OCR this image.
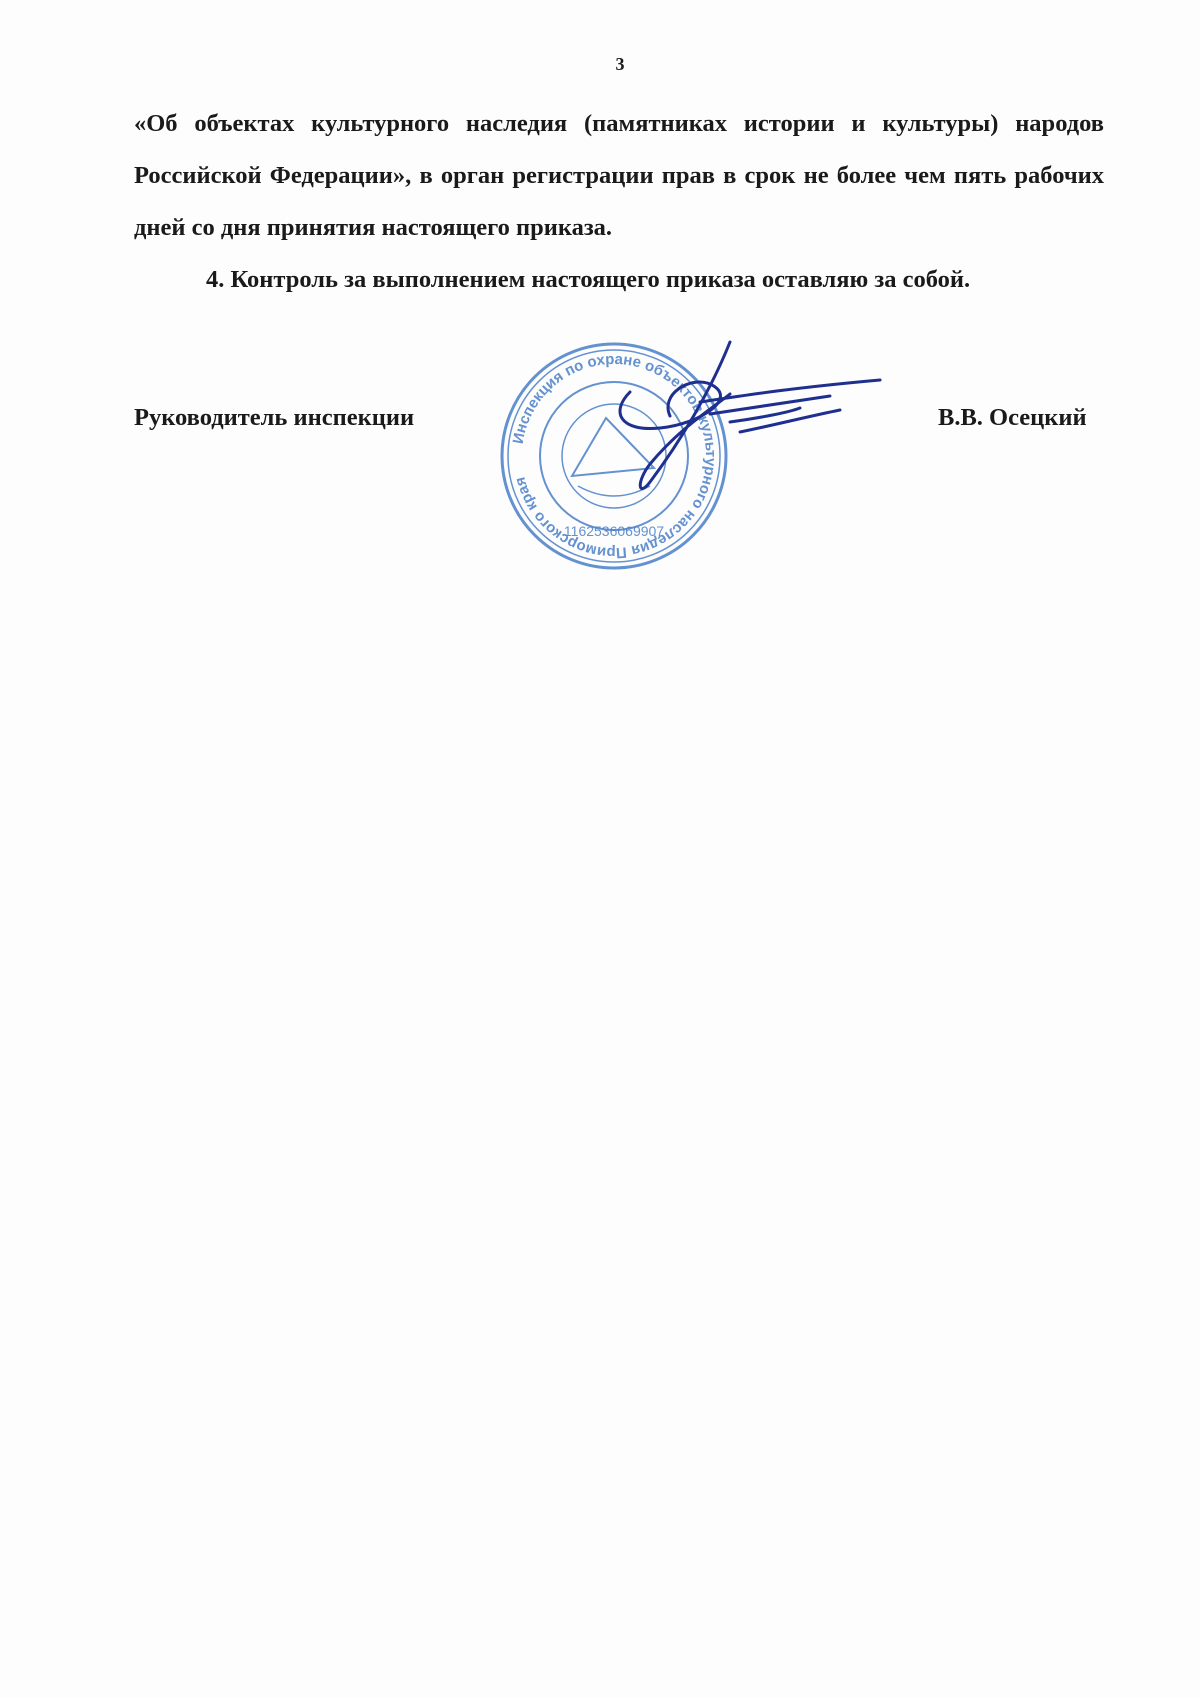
3

«Об объектах культурного наследия (памятниках истории и культуры) народов Российской Федерации», в орган регистрации прав в срок не более чем пять рабочих дней со дня принятия настоящего приказа.

4. Контроль за выполнением настоящего приказа оставляю за собой.

Руководитель инспекции
Инспекция по охране объектов культурного наследия Приморского края
1162536069907
В.В. Осецкий
